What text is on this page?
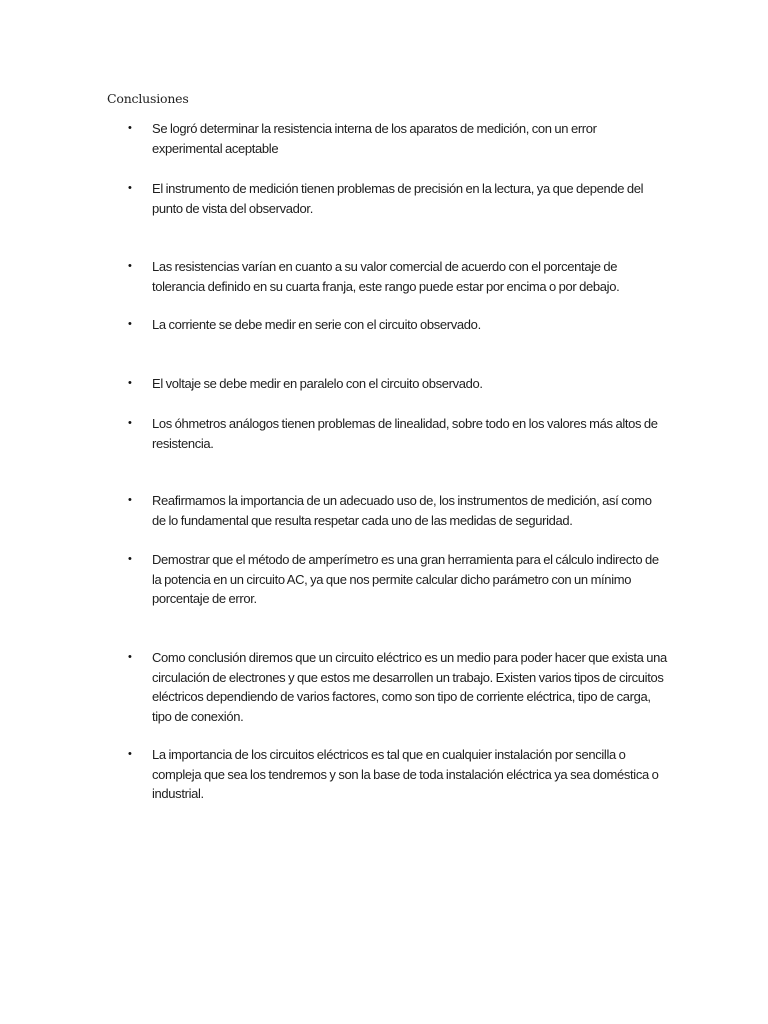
Conclusiones
•	Se logró determinar la resistencia interna de los aparatos de medición, con un error experimental aceptable
•	El instrumento de medición tienen problemas de precisión en la lectura, ya que depende del punto de vista del observador.
•	Las resistencias varían en cuanto a su valor comercial de acuerdo con el porcentaje de tolerancia definido en su cuarta franja, este rango puede estar por encima o por debajo.
•	La corriente se debe medir en serie con el circuito observado.
•	El voltaje se debe medir en paralelo con el circuito observado.
•	Los óhmetros análogos tienen problemas de linealidad, sobre todo en los valores más altos de resistencia.
•	Reafirmamos la importancia de un adecuado uso de, los instrumentos de medición, así como de lo fundamental que resulta respetar cada uno de las medidas de seguridad.
•	Demostrar que el método de amperímetro es una gran herramienta para el cálculo indirecto de la potencia en un circuito AC, ya que nos permite calcular dicho parámetro con un mínimo porcentaje de error.
•	Como conclusión diremos que un circuito eléctrico es un medio para poder hacer que exista una circulación de electrones y que estos me desarrollen un trabajo. Existen varios tipos de circuitos eléctricos dependiendo de varios factores, como son tipo de corriente eléctrica, tipo de carga, tipo de conexión.
•	La importancia de los circuitos eléctricos es tal que en cualquier instalación por sencilla o compleja que sea los tendremos y son la base de toda instalación eléctrica ya sea doméstica o industrial.
